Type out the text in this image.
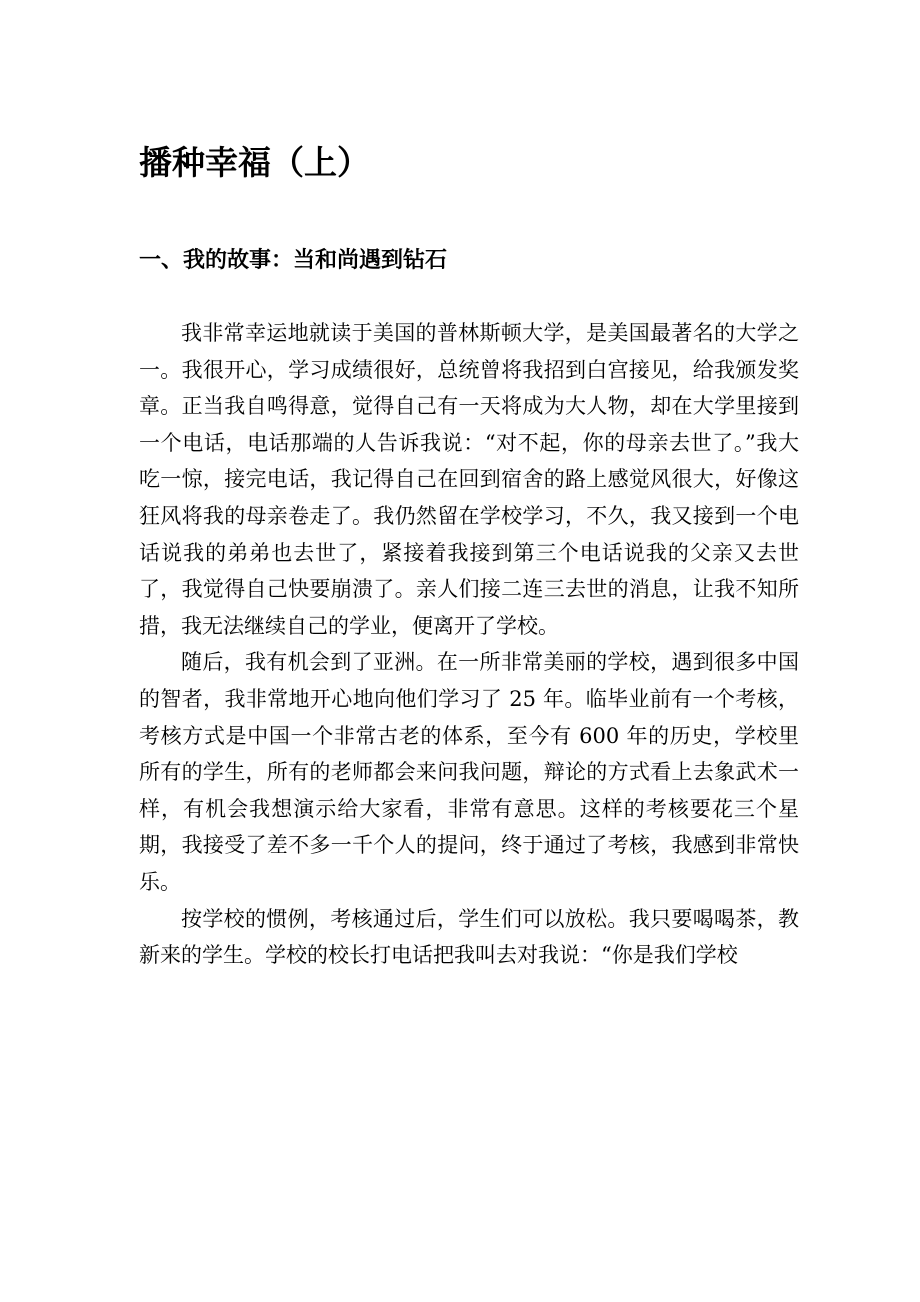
播种幸福（上）
一、我的故事：当和尚遇到钻石

我非常幸运地就读于美国的普林斯顿大学，是美国最著名的大学之一。我很开心，学习成绩很好，总统曾将我招到白宫接见，给我颁发奖章。正当我自鸣得意，觉得自己有一天将成为大人物，却在大学里接到一个电话，电话那端的人告诉我说：“对不起，你的母亲去世了。”我大吃一惊，接完电话，我记得自己在回到宿舍的路上感觉风很大，好像这狂风将我的母亲卷走了。我仍然留在学校学习，不久，我又接到一个电话说我的弟弟也去世了，紧接着我接到第三个电话说我的父亲又去世了，我觉得自己快要崩溃了。亲人们接二连三去世的消息，让我不知所措，我无法继续自己的学业，便离开了学校。

随后，我有机会到了亚洲。在一所非常美丽的学校，遇到很多中国的智者，我非常地开心地向他们学习了 25 年。临毕业前有一个考核，考核方式是中国一个非常古老的体系，至今有 600 年的历史，学校里所有的学生，所有的老师都会来问我问题，辩论的方式看上去象武术一样，有机会我想演示给大家看，非常有意思。这样的考核要花三个星期，我接受了差不多一千个人的提问，终于通过了考核，我感到非常快乐。

按学校的惯例，考核通过后，学生们可以放松。我只要喝喝茶，教新来的学生。学校的校长打电话把我叫去对我说：“你是我们学校
